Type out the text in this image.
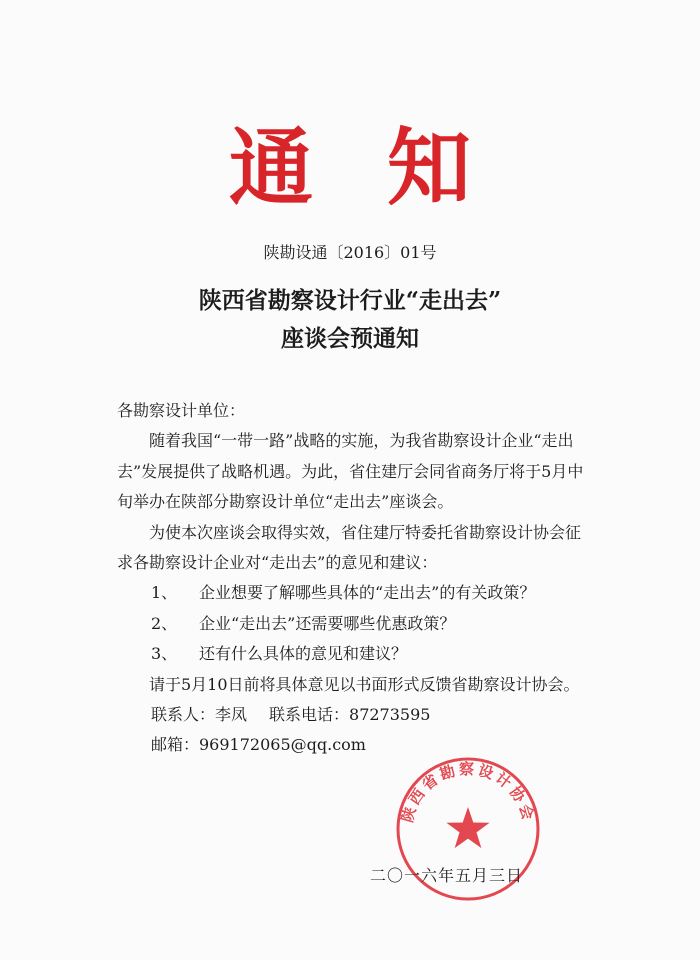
通知
陕勘设通〔2016〕01号
陕西省勘察设计行业“走出去”
座谈会预通知

各勘察设计单位：

随着我国“一带一路”战略的实施，为我省勘察设计企业“走出去”发展提供了战略机遇。为此，省住建厅会同省商务厅将于5月中旬举办在陕部分勘察设计单位“走出去”座谈会。

为使本次座谈会取得实效，省住建厅特委托省勘察设计协会征求各勘察设计企业对“走出去”的意见和建议：

1、 企业想要了解哪些具体的“走出去”的有关政策？

2、 企业“走出去”还需要哪些优惠政策？

3、 还有什么具体的意见和建议？

请于5月10日前将具体意见以书面形式反馈省勘察设计协会。

联系人：李凤 联系电话：87273595

邮箱：969172065@qq.com

陕西省勘察设计协会
二〇一六年五月三日
